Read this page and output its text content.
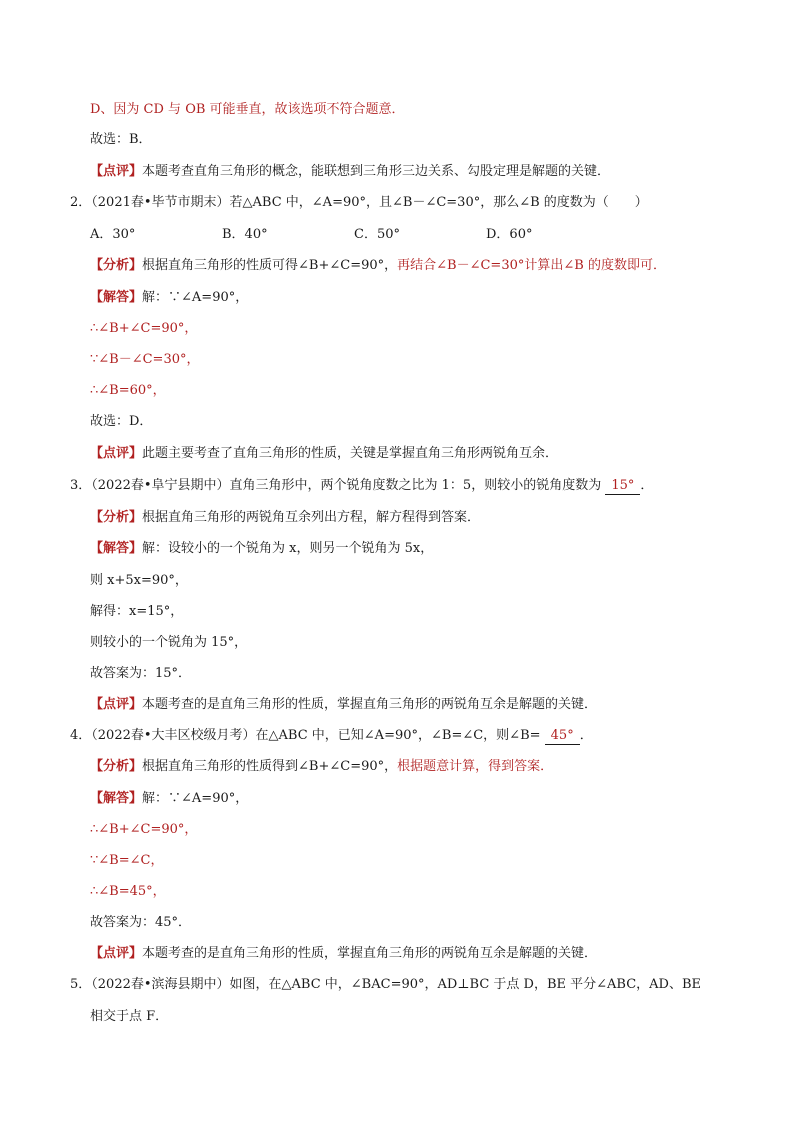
D、因为 CD 与 OB 可能垂直，故该选项不符合题意．
故选：B．
【点评】本题考查直角三角形的概念，能联想到三角形三边关系、勾股定理是解题的关键．
2．（2021春•毕节市期末）若△ABC 中，∠A=90°，且∠B－∠C=30°，那么∠B 的度数为（　　）
A．30°	B．40°	C．50°	D．60°
【分析】根据直角三角形的性质可得∠B+∠C=90°，再结合∠B－∠C=30°计算出∠B 的度数即可．
【解答】解：∵∠A=90°，
∴∠B+∠C=90°，
∵∠B－∠C=30°，
∴∠B=60°，
故选：D．
【点评】此题主要考查了直角三角形的性质，关键是掌握直角三角形两锐角互余．
3．（2022春•阜宁县期中）直角三角形中，两个锐角度数之比为 1：5，则较小的锐角度数为 15° ．
【分析】根据直角三角形的两锐角互余列出方程，解方程得到答案．
【解答】解：设较小的一个锐角为 x，则另一个锐角为 5x，
则 x+5x=90°，
解得：x=15°，
则较小的一个锐角为 15°，
故答案为：15°．
【点评】本题考查的是直角三角形的性质，掌握直角三角形的两锐角互余是解题的关键．
4．（2022春•大丰区校级月考）在△ABC 中，已知∠A=90°，∠B=∠C，则∠B= 45° ．
【分析】根据直角三角形的性质得到∠B+∠C=90°，根据题意计算，得到答案．
【解答】解：∵∠A=90°，
∴∠B+∠C=90°，
∵∠B=∠C，
∴∠B=45°，
故答案为：45°．
【点评】本题考查的是直角三角形的性质，掌握直角三角形的两锐角互余是解题的关键．
5．（2022春•滨海县期中）如图，在△ABC 中，∠BAC=90°，AD⊥BC 于点 D，BE 平分∠ABC，AD、BE
相交于点 F．
